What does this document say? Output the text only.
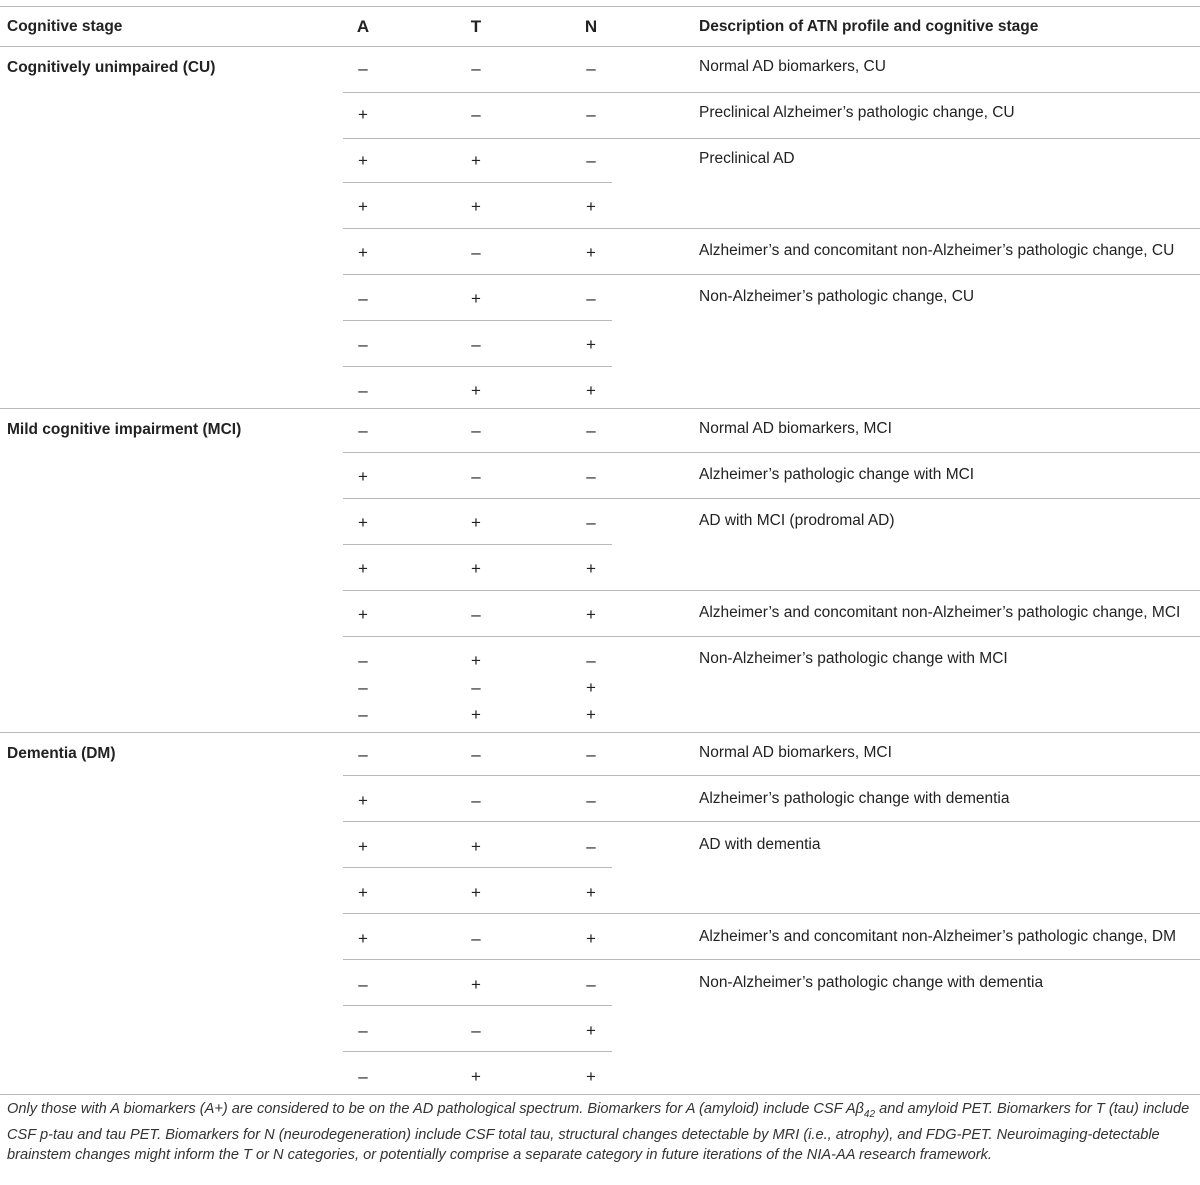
Cognitive stage	A	T	N	Description of ATN profile and cognitive stage
Cognitively unimpaired (CU)	–	–	–	Normal AD biomarkers, CU
+	–	–	Preclinical Alzheimer’s pathologic change, CU
+	+	–	Preclinical AD
+	+	+
+	–	+	Alzheimer’s and concomitant non-Alzheimer’s pathologic change, CU
–	+	–	Non-Alzheimer’s pathologic change, CU
–	–	+
–	+	+
Mild cognitive impairment (MCI)	–	–	–	Normal AD biomarkers, MCI
+	–	–	Alzheimer’s pathologic change with MCI
+	+	–	AD with MCI (prodromal AD)
+	+	+
+	–	+	Alzheimer’s and concomitant non-Alzheimer’s pathologic change, MCI
–	+	–	Non-Alzheimer’s pathologic change with MCI
–	–	+
–	+	+
Dementia (DM)	–	–	–	Normal AD biomarkers, MCI
+	–	–	Alzheimer’s pathologic change with dementia
+	+	–	AD with dementia
+	+	+
+	–	+	Alzheimer’s and concomitant non-Alzheimer’s pathologic change, DM
–	+	–	Non-Alzheimer’s pathologic change with dementia
–	–	+
–	+	+
Only those with A biomarkers (A+) are considered to be on the AD pathological spectrum. Biomarkers for A (amyloid) include CSF $A\beta_{42}$ and amyloid PET. Biomarkers for T (tau) include CSF p-tau and tau PET. Biomarkers for N (neurodegeneration) include CSF total tau, structural changes detectable by MRI (i.e., atrophy), and FDG-PET. Neuroimaging-detectable brainstem changes might inform the T or N categories, or potentially comprise a separate category in future iterations of the NIA-AA research framework.
